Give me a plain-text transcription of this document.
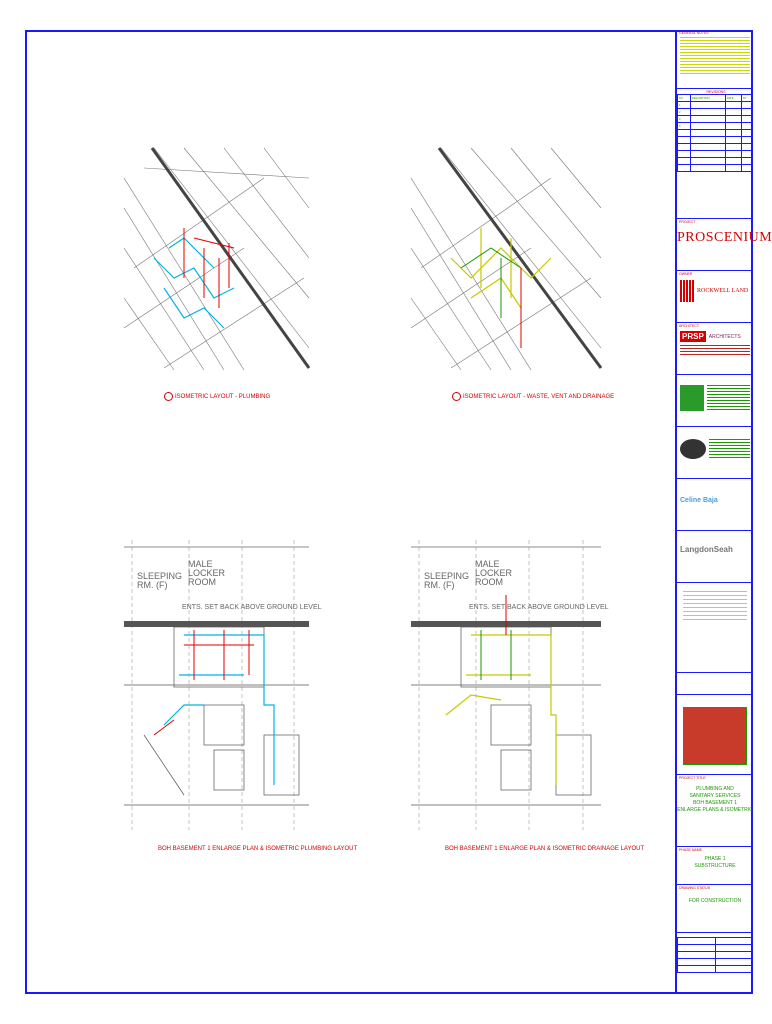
ISOMETRIC LAYOUT - PLUMBING	ISOMETRIC LAYOUT - WASTE, VENT AND DRAINAGE
BOH BASEMENT 1 ENLARGE PLAN & ISOMETRIC PLUMBING LAYOUT	BOH BASEMENT 1 ENLARGE PLAN & ISOMETRIC DRAINAGE LAYOUT
GENERAL NOTES
REVISIONS
NO.	DESCRIPTION	DATE	BY
1			
2			
3			
4			

PROJECT
PROSCENIUM
OWNER
ROCKWELL LAND
ARCHITECT
PRSP	ARCHITECTS
Celine Baja
LangdonSeah
PROJECT TITLE
PLUMBING AND
SANITARY SERVICES
BOH BASEMENT 1
ENLARGE PLANS & ISOMETRIC
PHASE NAME
PHASE 1
SUBSTRUCTURE
DRAWING STATUS
FOR CONSTRUCTION

SLEEPING
RM. (F)
MALE
LOCKER
ROOM
ENTS. SET BACK ABOVE GROUND LEVEL
SLEEPING
RM. (F)
MALE
LOCKER
ROOM
ENTS. SET BACK ABOVE GROUND LEVEL
